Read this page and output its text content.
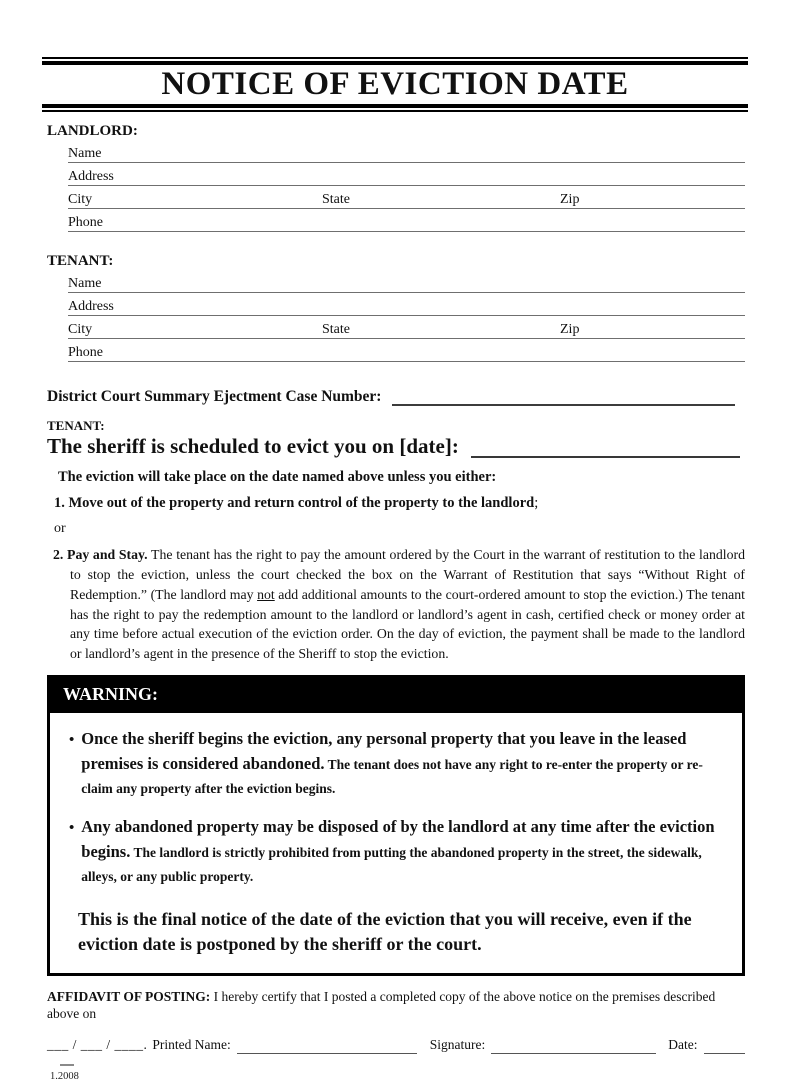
NOTICE OF EVICTION DATE
LANDLORD:
Name
Address
City	State	Zip
Phone
TENANT:
Name
Address
City	State	Zip
Phone
District Court Summary Ejectment Case Number:
TENANT:
The sheriff is scheduled to evict you on [date]:
The eviction will take place on the date named above unless you either:
1. Move out of the property and return control of the property to the landlord;
or

2. Pay and Stay. The tenant has the right to pay the amount ordered by the Court in the warrant of restitution to the landlord to stop the eviction, unless the court checked the box on the Warrant of Restitution that says “Without Right of Redemption.” (The landlord may not add additional amounts to the court-ordered amount to stop the eviction.) The tenant has the right to pay the redemption amount to the landlord or landlord’s agent in cash, certified check or money order at any time before actual execution of the eviction order. On the day of eviction, the payment shall be made to the landlord or landlord’s agent in the presence of the Sheriff to stop the eviction.

WARNING:
• Once the sheriff begins the eviction, any personal property that you leave in the leased premises is considered abandoned. The tenant does not have any right to re-enter the property or re-claim any property after the eviction begins.
• Any abandoned property may be disposed of by the landlord at any time after the eviction begins. The landlord is strictly prohibited from putting the abandoned property in the street, the sidewalk, alleys, or any public property.
This is the final notice of the date of the eviction that you will receive, even if the eviction date is postponed by the sheriff or the court.
AFFIDAVIT OF POSTING: I hereby certify that I posted a completed copy of the above notice on the premises described above on
___ / ___ / ____. Printed Name:	Signature:	Date:
1.2008
